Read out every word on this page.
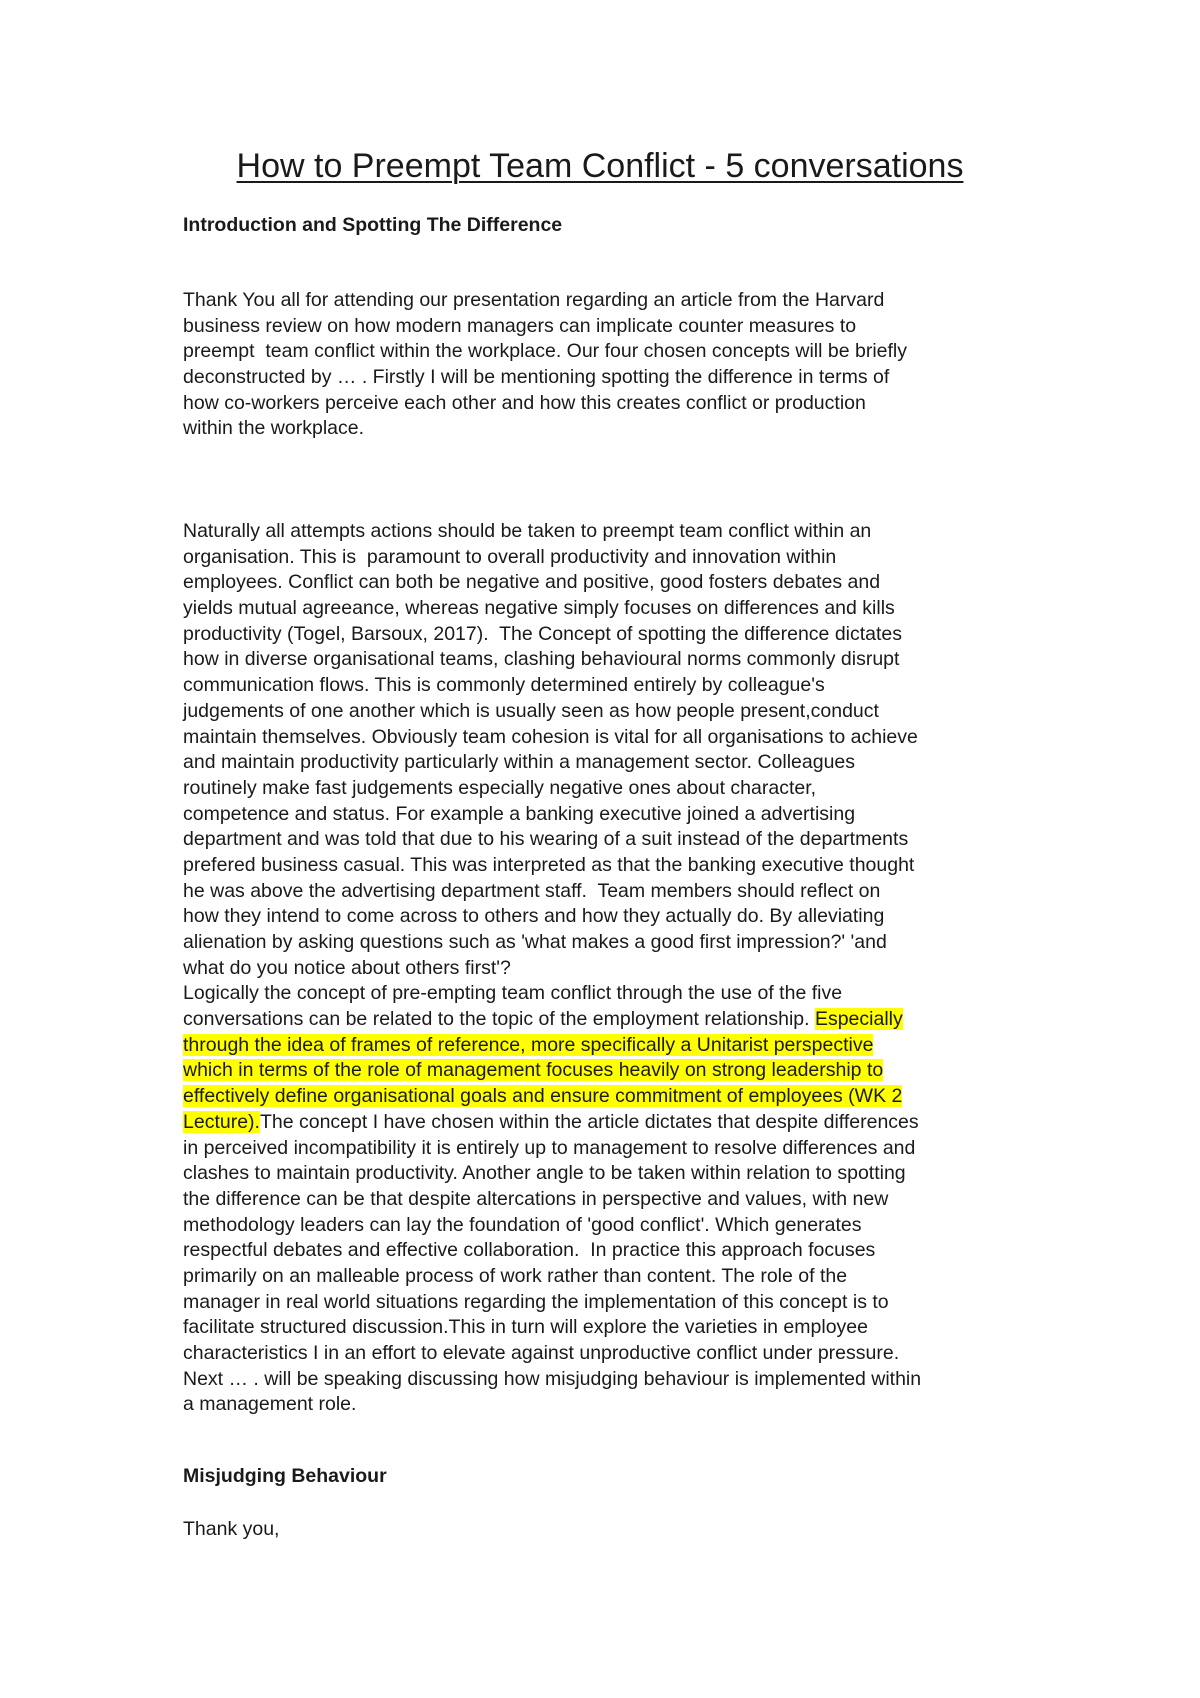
How to Preempt Team Conflict - 5 conversations
Introduction and Spotting The Difference
Thank You all for attending our presentation regarding an article from the Harvard
business review on how modern managers can implicate counter measures to
preempt  team conflict within the workplace. Our four chosen concepts will be briefly
deconstructed by … . Firstly I will be mentioning spotting the difference in terms of
how co-workers perceive each other and how this creates conflict or production
within the workplace.
Naturally all attempts actions should be taken to preempt team conflict within an
organisation. This is  paramount to overall productivity and innovation within
employees. Conflict can both be negative and positive, good fosters debates and
yields mutual agreeance, whereas negative simply focuses on differences and kills
productivity (Togel, Barsoux, 2017).  The Concept of spotting the difference dictates
how in diverse organisational teams, clashing behavioural norms commonly disrupt
communication flows. This is commonly determined entirely by colleague's
judgements of one another which is usually seen as how people present,conduct
maintain themselves. Obviously team cohesion is vital for all organisations to achieve
and maintain productivity particularly within a management sector. Colleagues
routinely make fast judgements especially negative ones about character,
competence and status. For example a banking executive joined a advertising
department and was told that due to his wearing of a suit instead of the departments
prefered business casual. This was interpreted as that the banking executive thought
he was above the advertising department staff.  Team members should reflect on
how they intend to come across to others and how they actually do. By alleviating
alienation by asking questions such as 'what makes a good first impression?' 'and
what do you notice about others first'?
Logically the concept of pre-empting team conflict through the use of the five
conversations can be related to the topic of the employment relationship. Especially
through the idea of frames of reference, more specifically a Unitarist perspective
which in terms of the role of management focuses heavily on strong leadership to
effectively define organisational goals and ensure commitment of employees (WK 2
Lecture).The concept I have chosen within the article dictates that despite differences
in perceived incompatibility it is entirely up to management to resolve differences and
clashes to maintain productivity. Another angle to be taken within relation to spotting
the difference can be that despite altercations in perspective and values, with new
methodology leaders can lay the foundation of 'good conflict'. Which generates
respectful debates and effective collaboration.  In practice this approach focuses
primarily on an malleable process of work rather than content. The role of the
manager in real world situations regarding the implementation of this concept is to
facilitate structured discussion.This in turn will explore the varieties in employee
characteristics I in an effort to elevate against unproductive conflict under pressure.
Next … . will be speaking discussing how misjudging behaviour is implemented within
a management role.
Misjudging Behaviour

Thank you,
